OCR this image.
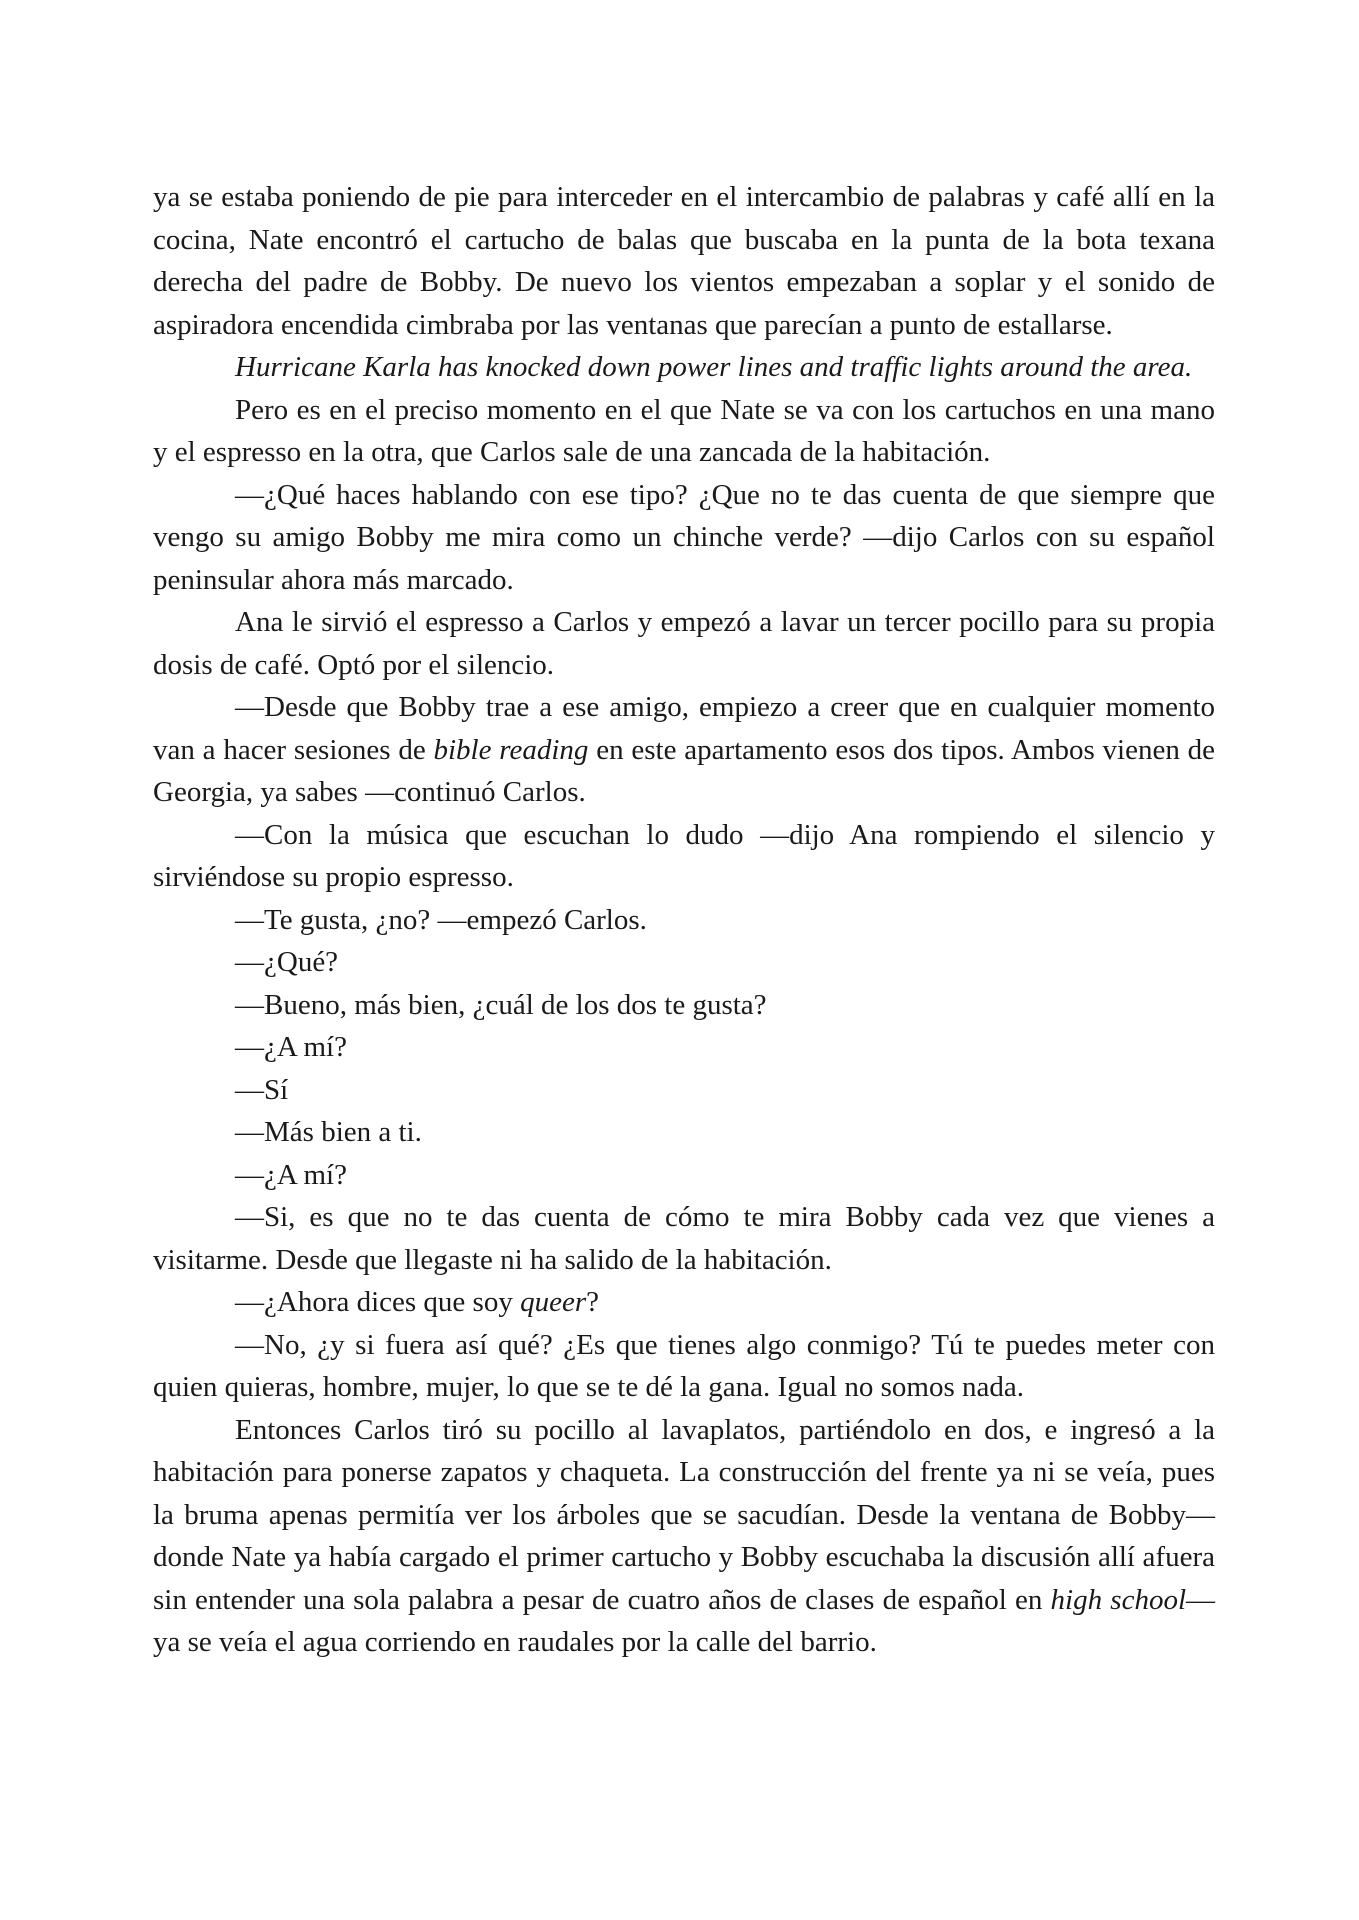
ya se estaba poniendo de pie para interceder en el intercambio de palabras y café allí en la cocina, Nate encontró el cartucho de balas que buscaba en la punta de la bota texana derecha del padre de Bobby. De nuevo los vientos empezaban a soplar y el sonido de aspiradora encendida cimbraba por las ventanas que parecían a punto de estallarse.

Hurricane Karla has knocked down power lines and traffic lights around the area.

Pero es en el preciso momento en el que Nate se va con los cartuchos en una mano y el espresso en la otra, que Carlos sale de una zancada de la habitación.

—¿Qué haces hablando con ese tipo? ¿Que no te das cuenta de que siempre que vengo su amigo Bobby me mira como un chinche verde? —dijo Carlos con su español peninsular ahora más marcado.

Ana le sirvió el espresso a Carlos y empezó a lavar un tercer pocillo para su propia dosis de café. Optó por el silencio.

—Desde que Bobby trae a ese amigo, empiezo a creer que en cualquier momento van a hacer sesiones de bible reading en este apartamento esos dos tipos. Ambos vienen de Georgia, ya sabes —continuó Carlos.

—Con la música que escuchan lo dudo —dijo Ana rompiendo el silencio y sirviéndose su propio espresso.

—Te gusta, ¿no? —empezó Carlos.

—¿Qué?

—Bueno, más bien, ¿cuál de los dos te gusta?

—¿A mí?

—Sí

—Más bien a ti.

—¿A mí?

—Si, es que no te das cuenta de cómo te mira Bobby cada vez que vienes a visitarme. Desde que llegaste ni ha salido de la habitación.

—¿Ahora dices que soy queer?

—No, ¿y si fuera así qué? ¿Es que tienes algo conmigo? Tú te puedes meter con quien quieras, hombre, mujer, lo que se te dé la gana. Igual no somos nada.

Entonces Carlos tiró su pocillo al lavaplatos, partiéndolo en dos, e ingresó a la habitación para ponerse zapatos y chaqueta. La construcción del frente ya ni se veía, pues la bruma apenas permitía ver los árboles que se sacudían. Desde la ventana de Bobby—donde Nate ya había cargado el primer cartucho y Bobby escuchaba la discusión allí afuera sin entender una sola palabra a pesar de cuatro años de clases de español en high school—ya se veía el agua corriendo en raudales por la calle del barrio.
